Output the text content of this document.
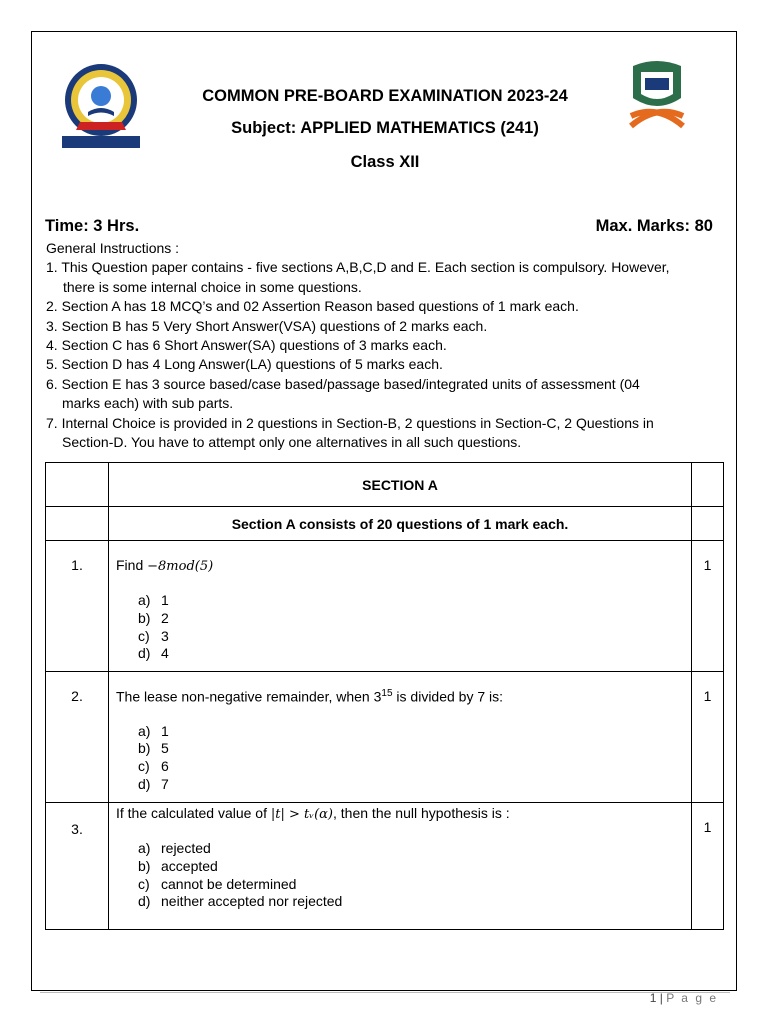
COMMON PRE-BOARD EXAMINATION 2023-24
Subject: APPLIED MATHEMATICS (241)
Class XII
Time: 3 Hrs.	Max. Marks: 80
General Instructions :
1. This Question paper contains - five sections A,B,C,D and E. Each section is compulsory. However,
there is some internal choice in some questions.
2. Section A has 18 MCQ’s and 02 Assertion Reason based questions of 1 mark each.
3. Section B has 5 Very Short Answer(VSA) questions of 2 marks each.
4. Section C has 6 Short Answer(SA) questions of 3 marks each.
5. Section D has 4 Long Answer(LA) questions of 5 marks each.
6. Section E has 3 source based/case based/passage based/integrated units of assessment (04
marks each) with sub parts.
7. Internal Choice is provided in 2 questions in Section-B, 2 questions in Section-C, 2 Questions in
Section-D. You have to attempt only one alternatives in all such questions.
	SECTION A	
	Section A consists of 20 questions of 1 mark each.	
1.	Find −8mod(5)
a) 1
b) 2
c) 3
d) 4	1
2.	The lease non-negative remainder, when $3^{15}$ is divided by 7 is:
a) 1
b) 5
c) 6
d) 7	1
3.	If the calculated value of |t| > tᵥ(α), then the null hypothesis is :
a) rejected
b) accepted
c) cannot be determined
d) neither accepted nor rejected	1
1 | P a g e
